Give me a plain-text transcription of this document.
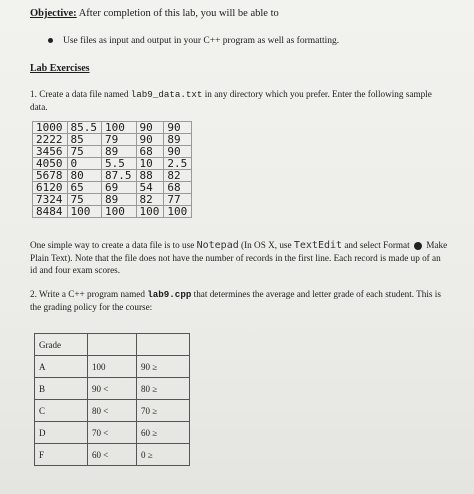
Objective: After completion of this lab, you will be able to
Use files as input and output in your C++ program as well as formatting.
Lab Exercises
1. Create a data file named lab9_data.txt in any directory which you prefer. Enter the following sample data.
1000	85.5	100	90	90
2222	85	79	90	89
3456	75	89	68	90
4050	0	5.5	10	2.5
5678	80	87.5	88	82
6120	65	69	54	68
7324	75	89	82	77
8484	100	100	100	100
One simple way to create a data file is to use Notepad (In OS X, use TextEdit and select Format  Make Plain Text). Note that the file does not have the number of records in the first line. Each record is made up of an id and four exam scores.
2. Write a C++ program named lab9.cpp that determines the average and letter grade of each student. This is the grading policy for the course:
Grade		
A	100	90 ≥
B	90 <	80 ≥
C	80 <	70 ≥
D	70 <	60 ≥
F	60 <	0 ≥
